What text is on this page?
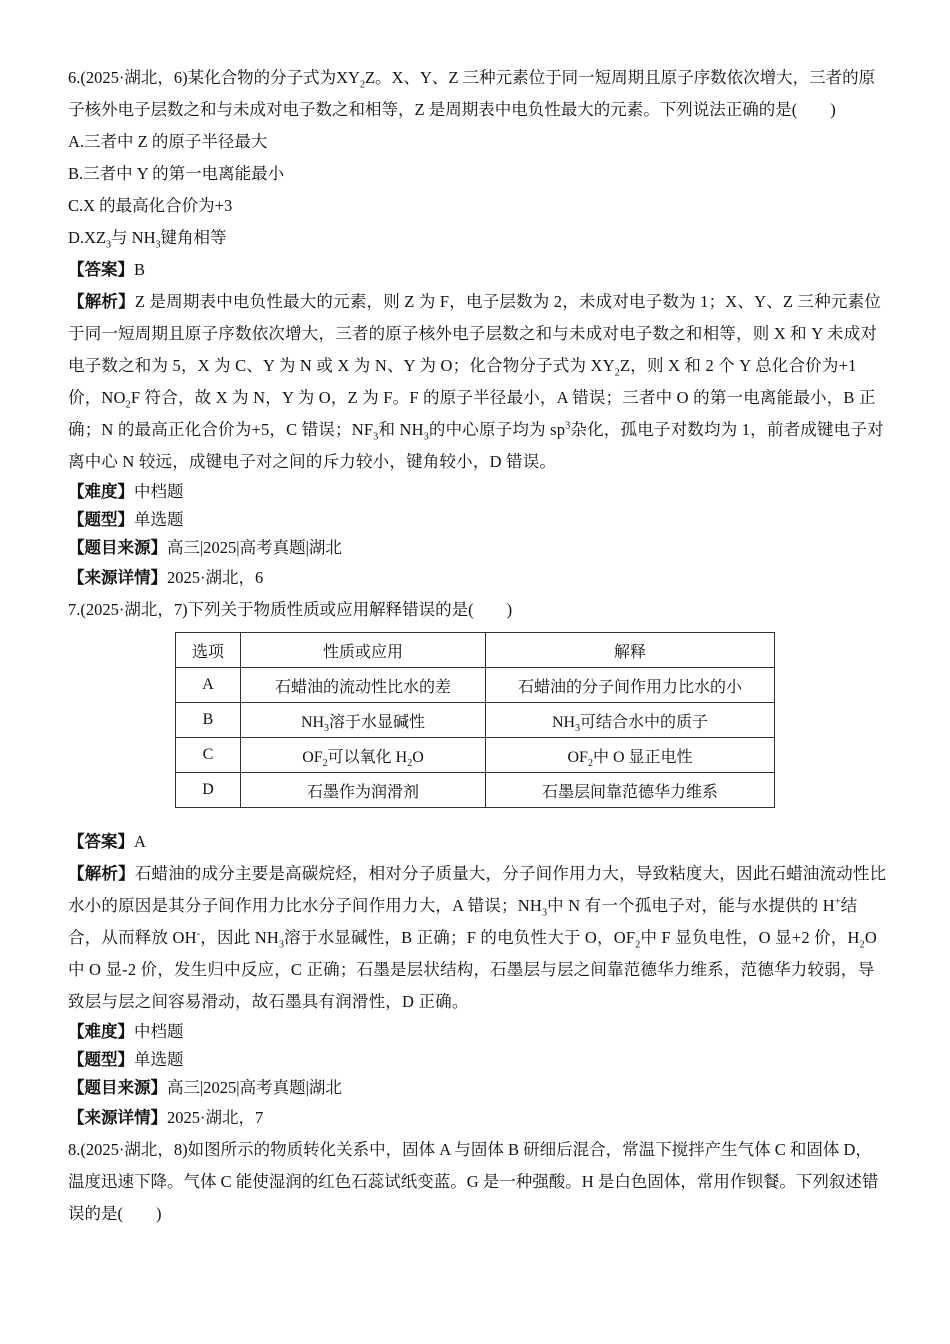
6.(2025·湖北，6)某化合物的分子式为$XY_2Z$。X、Y、Z 三种元素位于同一短周期且原子序数依次增大，三者的原子核外电子层数之和与未成对电子数之和相等，Z 是周期表中电负性最大的元素。下列说法正确的是(　　)

A.三者中 Z 的原子半径最大

B.三者中 Y 的第一电离能最小

C.X 的最高化合价为+3

$D.XZ_3$与 $NH_3$键角相等

【答案】B

【解析】Z 是周期表中电负性最大的元素，则 Z 为 F，电子层数为 2，未成对电子数为 1；X、Y、Z 三种元素位于同一短周期且原子序数依次增大，三者的原子核外电子层数之和与未成对电子数之和相等，则 X 和 Y 未成对电子数之和为 5，X 为 C、Y 为 N 或 X 为 N、Y 为 O；化合物分子式为 $XY_2Z$，则 X 和 2 个 Y 总化合价为+1 价，$NO_2F$ 符合，故 X 为 N，Y 为 O，Z 为 F。F 的原子半径最小，A 错误；三者中 O 的第一电离能最小，B 正确；N 的最高正化合价为+5，C 错误；$NF_3$和 $NH_3$的中心原子均为 $sp^3$杂化，孤电子对数均为 1，前者成键电子对离中心 N 较远，成键电子对之间的斥力较小，键角较小，D 错误。

【难度】中档题

【题型】单选题

【题目来源】高三|2025|高考真题|湖北

【来源详情】2025·湖北，6

7.(2025·湖北，7)下列关于物质性质或应用解释错误的是(　　)

选项	性质或应用	解释
A	石蜡油的流动性比水的差	石蜡油的分子间作用力比水的小
B	$NH_3$溶于水显碱性	$NH_3$可结合水中的质子
C	$OF_2$可以氧化 $H_2O$	$OF_2$中 O 显正电性
D	石墨作为润滑剂	石墨层间靠范德华力维系

【答案】A

【解析】石蜡油的成分主要是高碳烷烃，相对分子质量大，分子间作用力大，导致粘度大，因此石蜡油流动性比水小的原因是其分子间作用力比水分子间作用力大，A 错误；$NH_3$中 N 有一个孤电子对，能与水提供的 H+结合，从而释放 OH-，因此 $NH_3$溶于水显碱性，B 正确；F 的电负性大于 O，$OF_2$中 F 显负电性，O 显+2 价，$H_2O$ 中 O 显-2 价，发生归中反应，C 正确；石墨是层状结构，石墨层与层之间靠范德华力维系，范德华力较弱，导致层与层之间容易滑动，故石墨具有润滑性，D 正确。

【难度】中档题

【题型】单选题

【题目来源】高三|2025|高考真题|湖北

【来源详情】2025·湖北，7

8.(2025·湖北，8)如图所示的物质转化关系中，固体 A 与固体 B 研细后混合，常温下搅拌产生气体 C 和固体 D，温度迅速下降。气体 C 能使湿润的红色石蕊试纸变蓝。G 是一种强酸。H 是白色固体，常用作钡餐。下列叙述错误的是(　　)
